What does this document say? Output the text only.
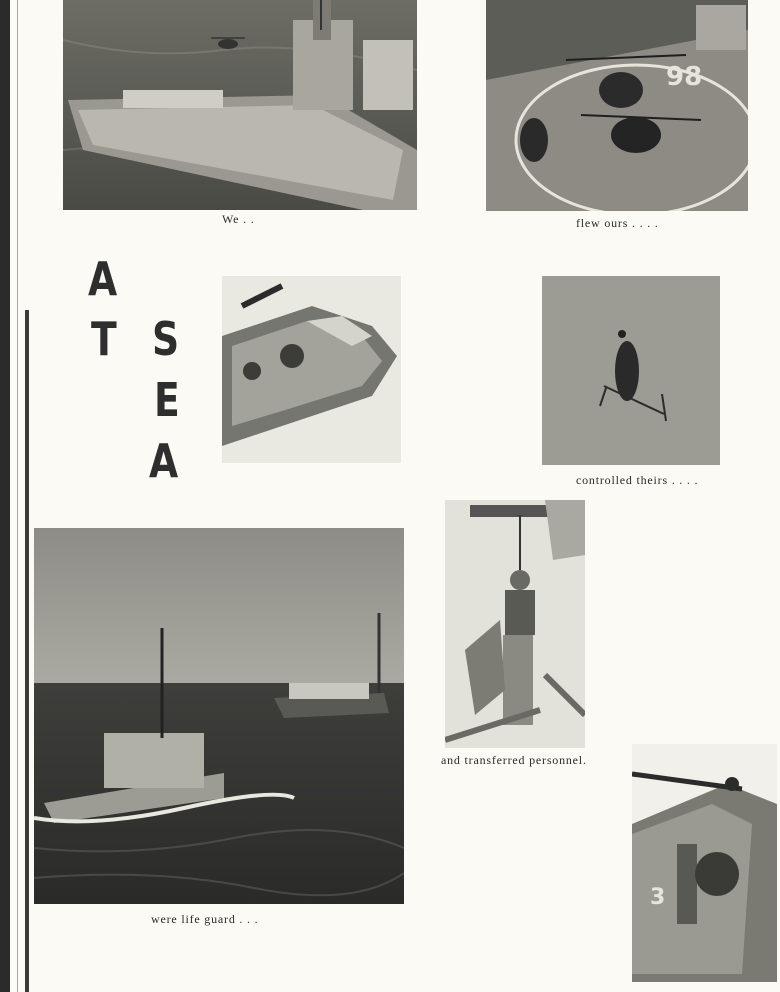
We . .
98
flew ours . . . .
A
T S
E
A	controlled theirs . . . .
were life guard . . .
and transferred personnel.
3
